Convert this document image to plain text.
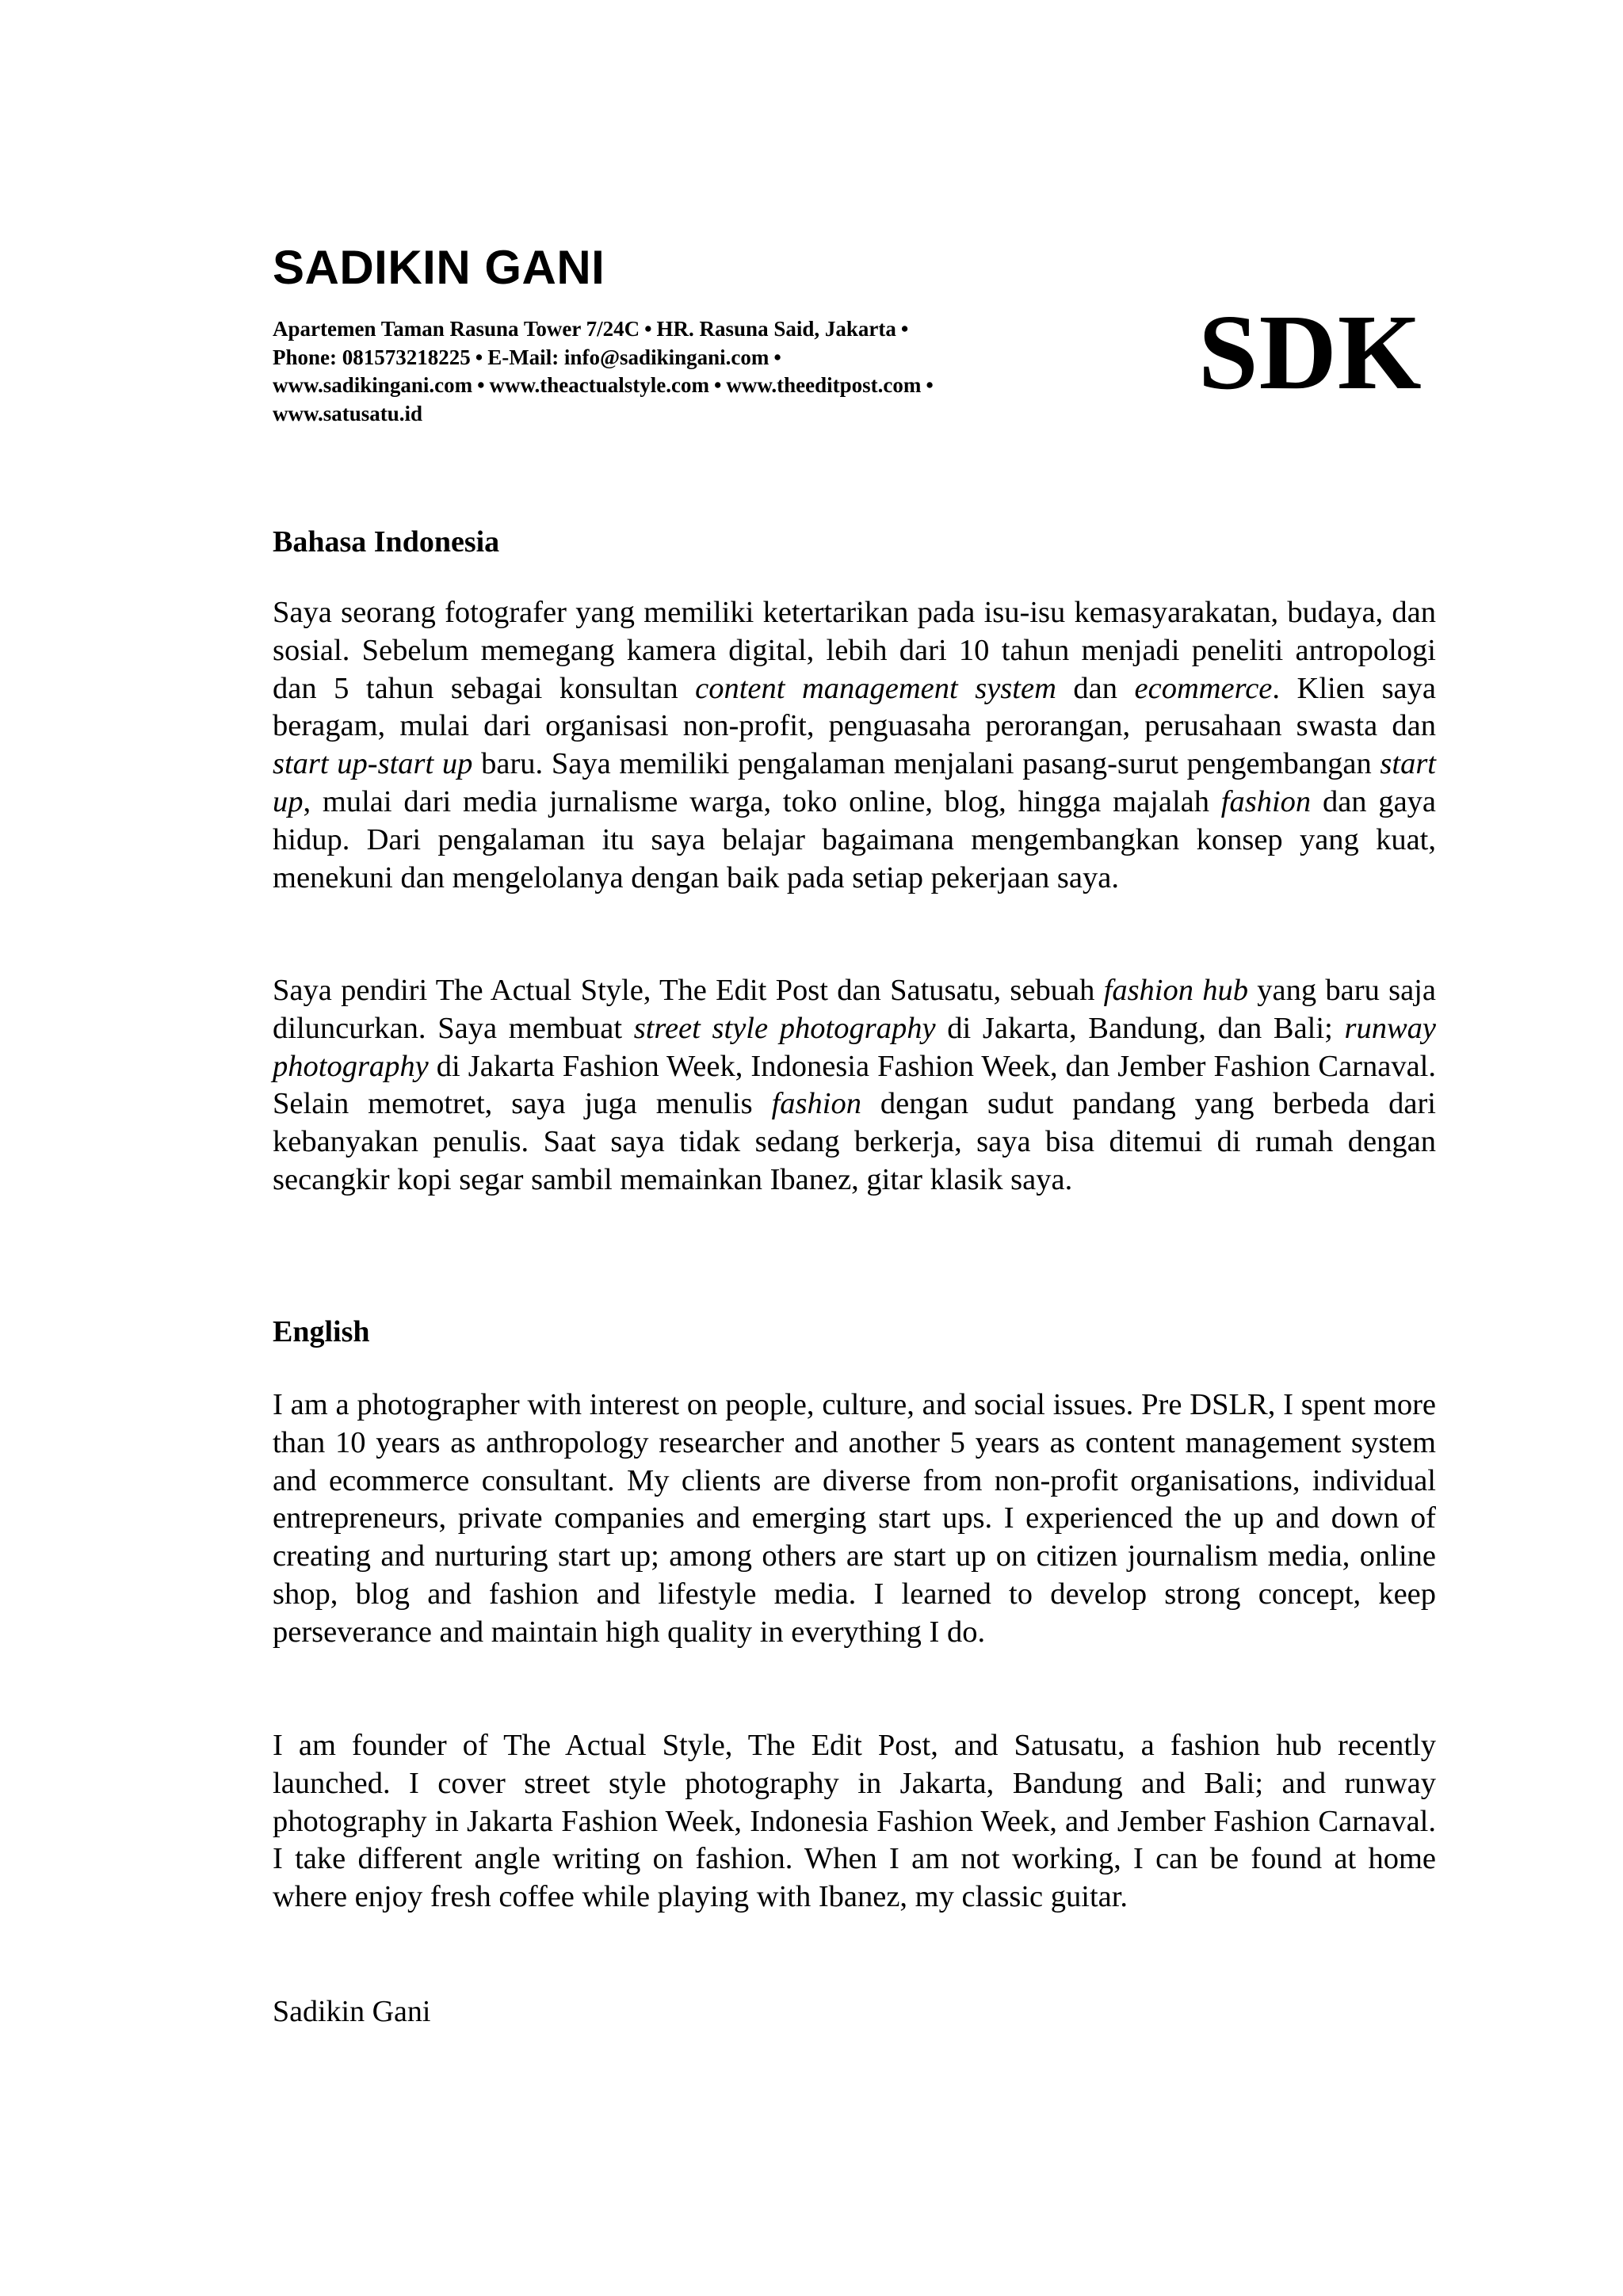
SADIKIN GANI
Apartemen Taman Rasuna Tower 7/24C • HR. Rasuna Said, Jakarta •
Phone: 081573218225 • E-Mail: info@sadikingani.com •
www.sadikingani.com • www.theactualstyle.com • www.theeditpost.com •
www.satusatu.id
SDK
Bahasa Indonesia

Saya seorang fotografer yang memiliki ketertarikan pada isu-isu kemasyarakatan, budaya, dan sosial. Sebelum memegang kamera digital, lebih dari 10 tahun menjadi peneliti antropologi dan 5 tahun sebagai konsultan content management system dan ecommerce. Klien saya beragam, mulai dari organisasi non-profit, penguasaha perorangan, perusahaan swasta dan start up-start up baru. Saya memiliki pengalaman menjalani pasang-surut pengembangan start up, mulai dari media jurnalisme warga, toko online, blog, hingga majalah fashion dan gaya hidup. Dari pengalaman itu saya belajar bagaimana mengembangkan konsep yang kuat, menekuni dan mengelolanya dengan baik pada setiap pekerjaan saya.

Saya pendiri The Actual Style, The Edit Post dan Satusatu, sebuah fashion hub yang baru saja diluncurkan. Saya membuat street style photography di Jakarta, Bandung, dan Bali; runway photography di Jakarta Fashion Week, Indonesia Fashion Week, dan Jember Fashion Carnaval. Selain memotret, saya juga menulis fashion dengan sudut pandang yang berbeda dari kebanyakan penulis. Saat saya tidak sedang berkerja, saya bisa ditemui di rumah dengan secangkir kopi segar sambil memainkan Ibanez, gitar klasik saya.

English

I am a photographer with interest on people, culture, and social issues. Pre DSLR, I spent more than 10 years as anthropology researcher and another 5 years as content management system and ecommerce consultant. My clients are diverse from non-profit organisations, individual entrepreneurs, private companies and emerging start ups. I experienced the up and down of creating and nurturing start up; among others are start up on citizen journalism media, online shop, blog and fashion and lifestyle media. I learned to develop strong concept, keep perseverance and maintain high quality in everything I do.

I am founder of The Actual Style, The Edit Post, and Satusatu, a fashion hub recently launched. I cover street style photography in Jakarta, Bandung and Bali; and runway photography in Jakarta Fashion Week, Indonesia Fashion Week, and Jember Fashion Carnaval. I take different angle writing on fashion. When I am not working, I can be found at home where enjoy fresh coffee while playing with Ibanez, my classic guitar.

Sadikin Gani
